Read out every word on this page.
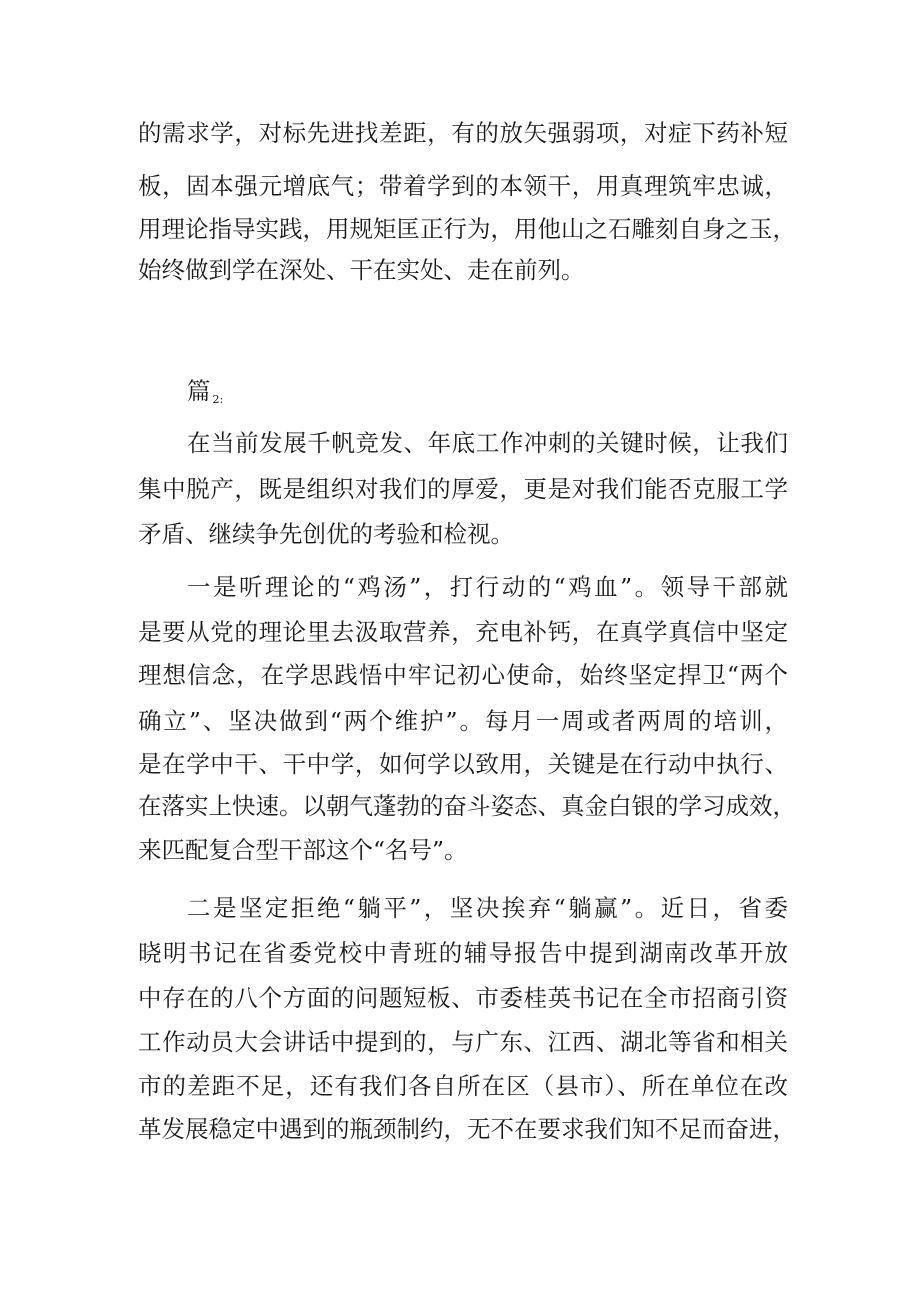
的需求学，对标先进找差距，有的放矢强弱项，对症下药补短
板，固本强元增底气；带着学到的本领干，用真理筑牢忠诚，
用理论指导实践，用规矩匡正行为，用他山之石雕刻自身之玉，
始终做到学在深处、干在实处、走在前列。
篇 2:
在当前发展千帆竞发、年底工作冲刺的关键时候，让我们
集中脱产，既是组织对我们的厚爱，更是对我们能否克服工学
矛盾、继续争先创优的考验和检视。
一是听理论的“鸡汤”，打行动的“鸡血”。领导干部就
是要从党的理论里去汲取营养，充电补钙，在真学真信中坚定
理想信念，在学思践悟中牢记初心使命，始终坚定捍卫“两个
确立”、坚决做到“两个维护”。每月一周或者两周的培训，
是在学中干、干中学，如何学以致用，关键是在行动中执行、
在落实上快速。以朝气蓬勃的奋斗姿态、真金白银的学习成效，
来匹配复合型干部这个“名号”。
二是坚定拒绝“躺平”，坚决挨弃“躺赢”。近日，省委
晓明书记在省委党校中青班的辅导报告中提到湖南改革开放
中存在的八个方面的问题短板、市委桂英书记在全市招商引资
工作动员大会讲话中提到的，与广东、江西、湖北等省和相关
市的差距不足，还有我们各自所在区（县市）、所在单位在改
革发展稳定中遇到的瓶颈制约，无不在要求我们知不足而奋进，
